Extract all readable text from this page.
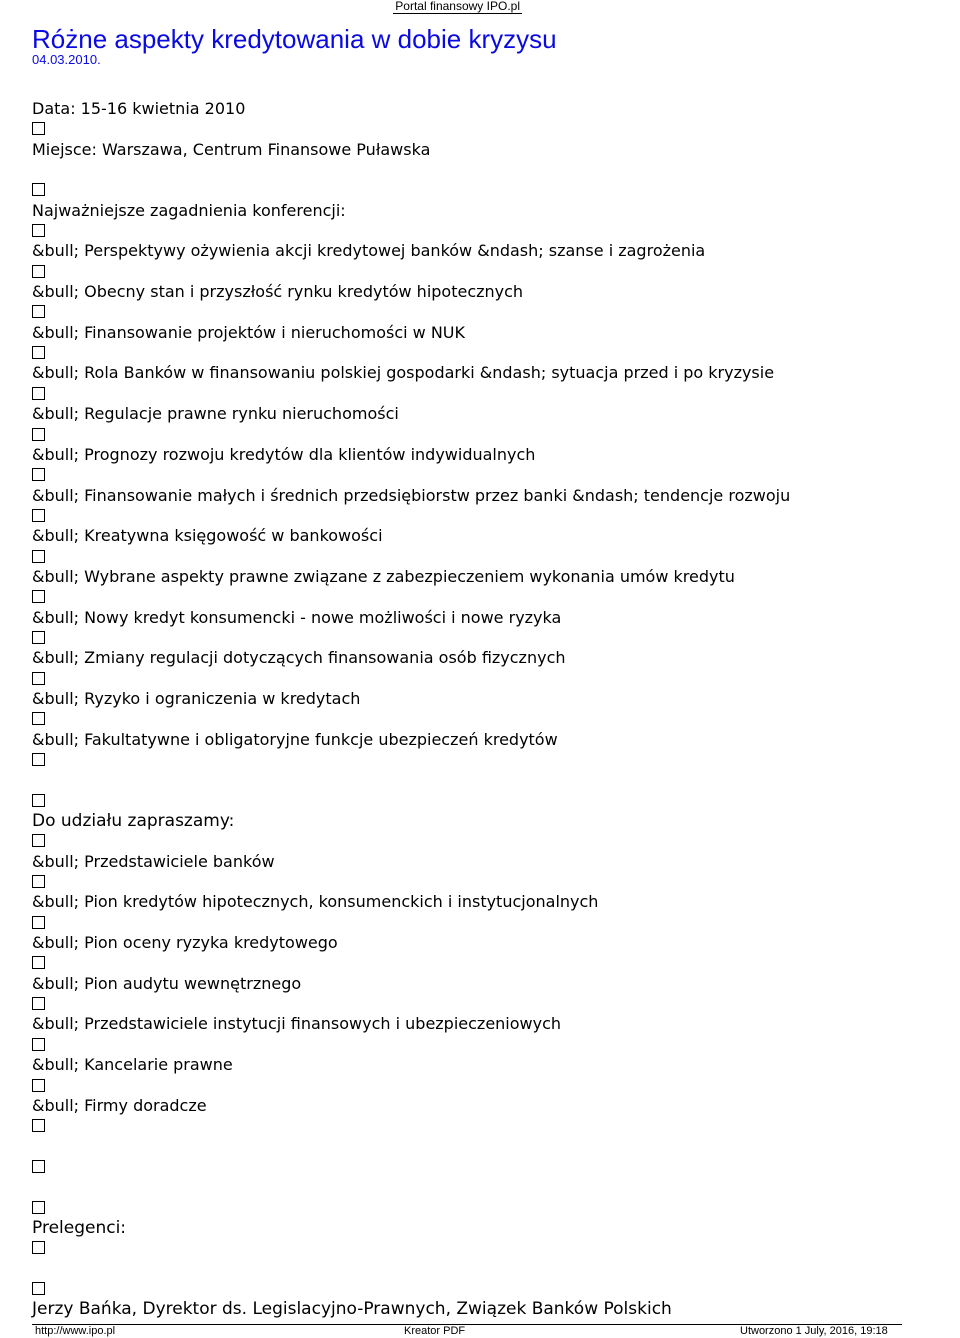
Portal finansowy IPO.pl
Różne aspekty kredytowania w dobie kryzysu
04.03.2010.
Data: 15-16 kwietnia 2010
Miejsce: Warszawa, Centrum Finansowe Puławska
Najważniejsze zagadnienia konferencji:
&bull; Perspektywy ożywienia akcji kredytowej banków &ndash; szanse i zagrożenia
&bull; Obecny stan i przyszłość rynku kredytów hipotecznych
&bull; Finansowanie projektów i nieruchomości w NUK
&bull; Rola Banków w finansowaniu polskiej gospodarki &ndash; sytuacja przed i po kryzysie
&bull; Regulacje prawne rynku nieruchomości
&bull; Prognozy rozwoju kredytów dla klientów indywidualnych
&bull; Finansowanie małych i średnich przedsiębiorstw przez banki &ndash; tendencje rozwoju
&bull; Kreatywna księgowość w bankowości
&bull; Wybrane aspekty prawne związane z zabezpieczeniem wykonania umów kredytu
&bull; Nowy kredyt konsumencki - nowe możliwości i nowe ryzyka
&bull; Zmiany regulacji dotyczących finansowania osób fizycznych
&bull; Ryzyko i ograniczenia w kredytach
&bull; Fakultatywne i obligatoryjne funkcje ubezpieczeń kredytów
Do udziału zapraszamy:
&bull; Przedstawiciele banków
&bull; Pion kredytów hipotecznych, konsumenckich i instytucjonalnych
&bull; Pion oceny ryzyka kredytowego
&bull; Pion audytu wewnętrznego
&bull; Przedstawiciele instytucji finansowych i ubezpieczeniowych
&bull; Kancelarie prawne
&bull; Firmy doradcze
Prelegenci:
Jerzy Bańka, Dyrektor ds. Legislacyjno-Prawnych, Związek Banków Polskich
http://www.ipo.pl	Kreator PDF	Utworzono 1 July, 2016, 19:18
